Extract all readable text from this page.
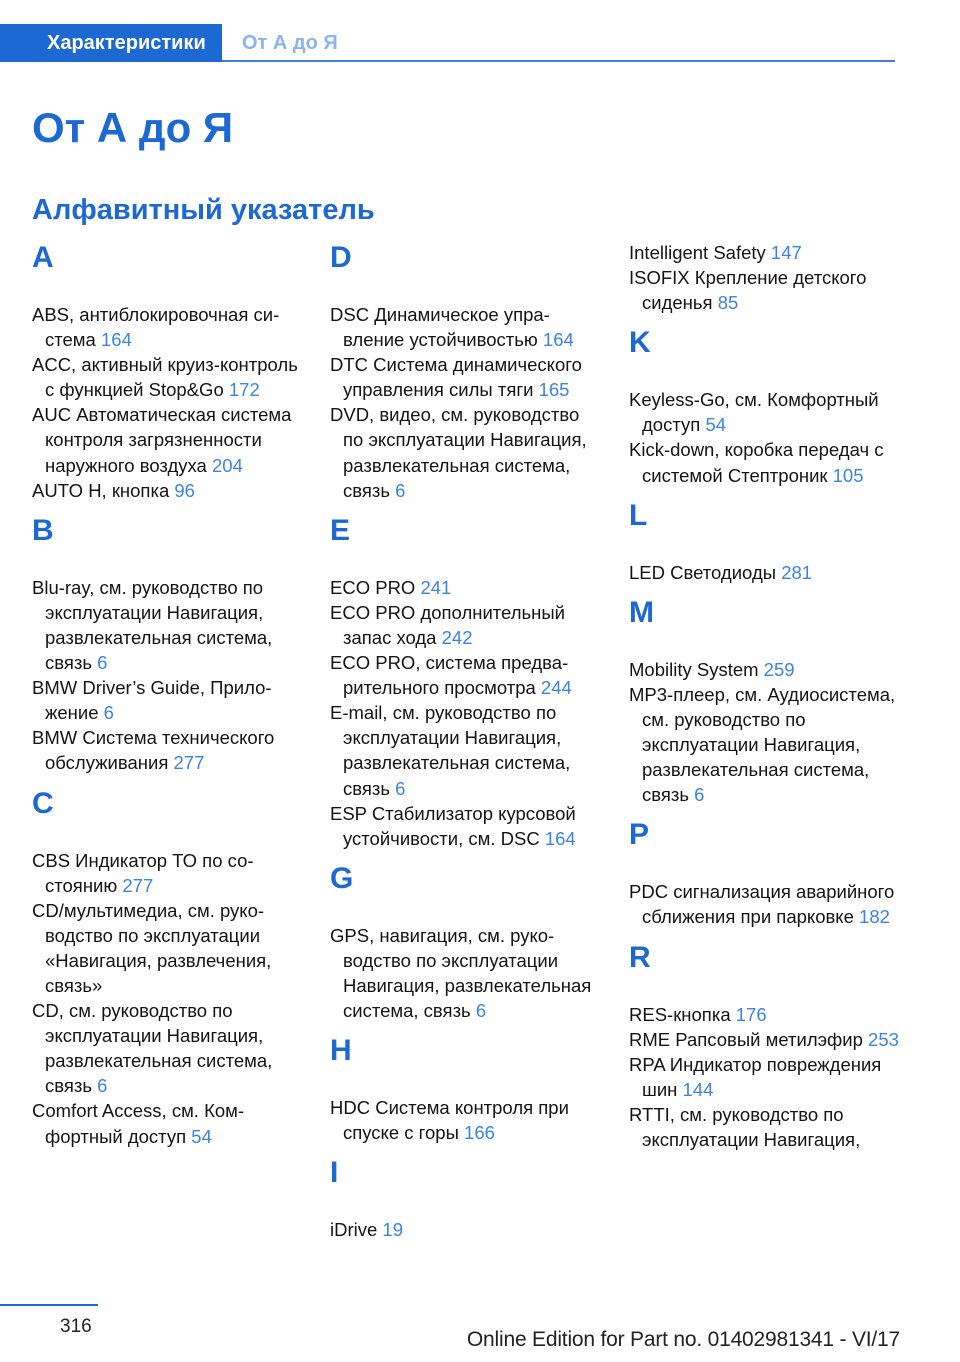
Характеристики	От А до Я
От А до Я
Алфавитный указатель
A

ABS, антиблокировочная система 164

ACC, активный круиз-контроль с функцией Stop&Go 172

AUC Автоматическая система контроля загрязненности наружного воздуха 204

AUTO H, кнопка 96

B

Blu-ray, см. руководство по эксплуатации Навигация, развлекательная система, связь 6

BMW Driver’s Guide, Приложение 6

BMW Система технического обслуживания 277

C

CBS Индикатор ТО по состоянию 277

CD/мультимедиа, см. руководство по эксплуатации «Навигация, развлечения, связь»

CD, см. руководство по эксплуатации Навигация, развлекательная система, связь 6

Comfort Access, см. Комфортный доступ 54

D

DSC Динамическое управление устойчивостью 164

DTC Система динамического управления силы тяги 165

DVD, видео, см. руководство по эксплуатации Навигация, развлекательная система, связь 6

E

ECO PRO 241

ECO PRO дополнительный запас хода 242

ECO PRO, система предварительного просмотра 244

E-mail, см. руководство по эксплуатации Навигация, развлекательная система, связь 6

ESP Стабилизатор курсовой устойчивости, см. DSC 164

G

GPS, навигация, см. руководство по эксплуатации Навигация, развлекательная система, связь 6

H

HDC Система контроля при спуске с горы 166

I

iDrive 19

Intelligent Safety 147

ISOFIX Крепление детского сиденья 85

K

Keyless-Go, см. Комфортный доступ 54

Kick-down, коробка передач с системой Стептроник 105

L

LED Светодиоды 281

M

Mobility System 259

MP3-плеер, см. Аудиосистема, см. руководство по эксплуатации Навигация, развлекательная система, связь 6

P

PDC сигнализация аварийного сближения при парковке 182

R

RES-кнопка 176

RME Рапсовый метилэфир 253

RPA Индикатор повреждения шин 144

RTTI, см. руководство по эксплуатации Навигация,

316
Online Edition for Part no. 01402981341 - VI/17
